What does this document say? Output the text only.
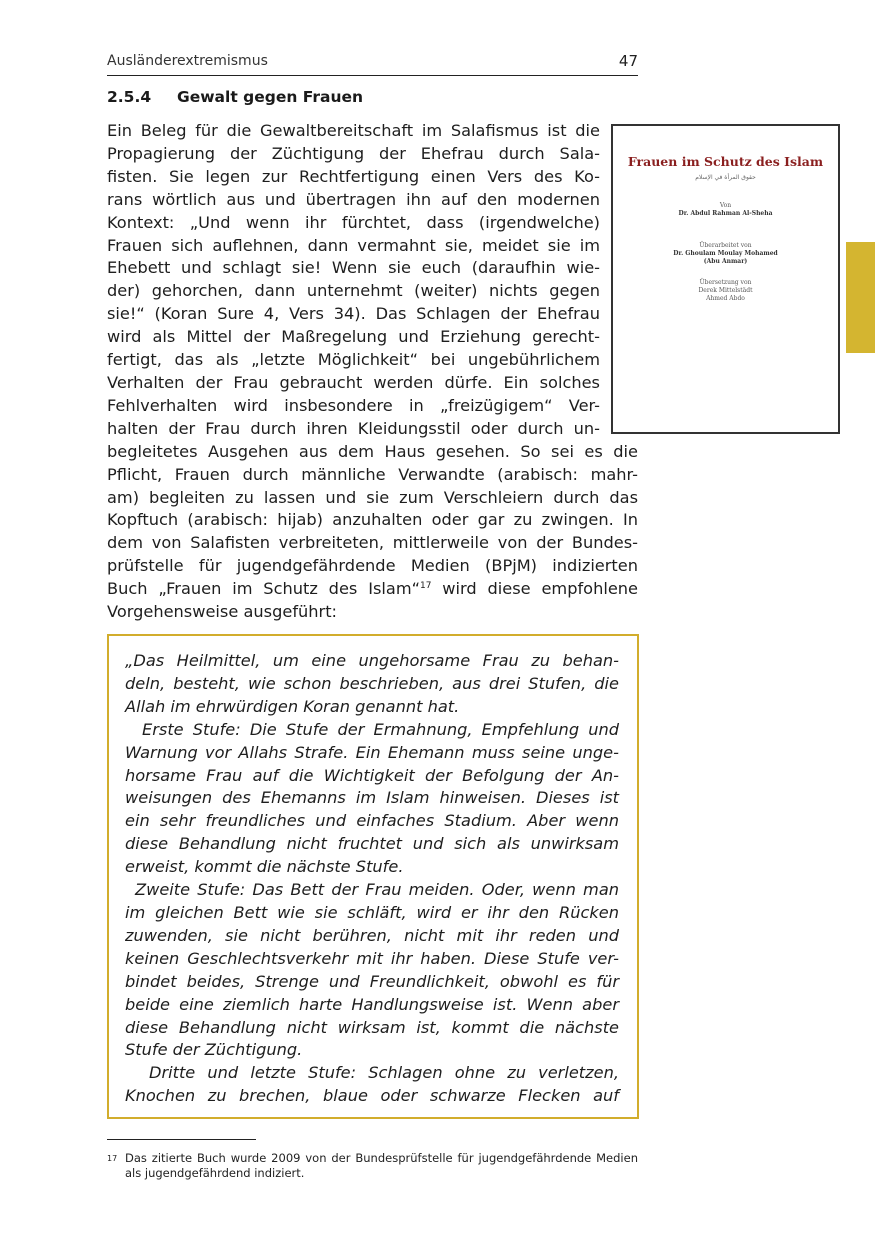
Ausländerextremismus	47
2.5.4 Gewalt gegen Frauen
Ein Beleg für die Gewaltbereitschaft im Salafismus ist die
Propagierung der Züchtigung der Ehefrau durch Sala-
fisten. Sie legen zur Rechtfertigung einen Vers des Ko-
rans wörtlich aus und übertragen ihn auf den modernen
Kontext: „Und wenn ihr fürchtet, dass (irgendwelche)
Frauen sich auflehnen, dann vermahnt sie, meidet sie im
Ehebett und schlagt sie! Wenn sie euch (daraufhin wie-
der) gehorchen, dann unternehmt (weiter) nichts gegen
sie!“ (Koran Sure 4, Vers 34). Das Schlagen der Ehefrau
wird als Mittel der Maßregelung und Erziehung gerecht-
fertigt, das als „letzte Möglichkeit“ bei ungebührlichem
Verhalten der Frau gebraucht werden dürfe. Ein solches
Fehlverhalten wird insbesondere in „freizügigem“ Ver-
halten der Frau durch ihren Kleidungsstil oder durch un-
begleitetes Ausgehen aus dem Haus gesehen. So sei es die
Pflicht, Frauen durch männliche Verwandte (arabisch: mahr-
am) begleiten zu lassen und sie zum Verschleiern durch das
Kopftuch (arabisch: hijab) anzuhalten oder gar zu zwingen. In
dem von Salafisten verbreiteten, mittlerweile von der Bundes-
prüfstelle für jugendgefährdende Medien (BPjM) indizierten
Buch „Frauen im Schutz des Islam“$^{17}$ wird diese empfohlene
Vorgehensweise ausgeführt:
Frauen im Schutz des Islam
حقوق المرأة في الإسلام
Von
Dr. Abdul Rahman Al-Sheha
Überarbeitet von
Dr. Ghoulam Moulay Mohamed
(Abu Anmar)
Übersetzung von
Derek Mittelstädt
Ahmed Abdo
„Das Heilmittel, um eine ungehorsame Frau zu behan-
deln, besteht, wie schon beschrieben, aus drei Stufen, die
Allah im ehrwürdigen Koran genannt hat.
Erste Stufe: Die Stufe der Ermahnung, Empfehlung und
Warnung vor Allahs Strafe. Ein Ehemann muss seine unge-
horsame Frau auf die Wichtigkeit der Befolgung der An-
weisungen des Ehemanns im Islam hinweisen. Dieses ist
ein sehr freundliches und einfaches Stadium. Aber wenn
diese Behandlung nicht fruchtet und sich als unwirksam
erweist, kommt die nächste Stufe.
Zweite Stufe: Das Bett der Frau meiden. Oder, wenn man
im gleichen Bett wie sie schläft, wird er ihr den Rücken
zuwenden, sie nicht berühren, nicht mit ihr reden und
keinen Geschlechtsverkehr mit ihr haben. Diese Stufe ver-
bindet beides, Strenge und Freundlichkeit, obwohl es für
beide eine ziemlich harte Handlungsweise ist. Wenn aber
diese Behandlung nicht wirksam ist, kommt die nächste
Stufe der Züchtigung.
Dritte und letzte Stufe: Schlagen ohne zu verletzen,
Knochen zu brechen, blaue oder schwarze Flecken auf
17 Das zitierte Buch wurde 2009 von der Bundesprüfstelle für jugendgefährdende Medien als jugendgefährdend indiziert.
